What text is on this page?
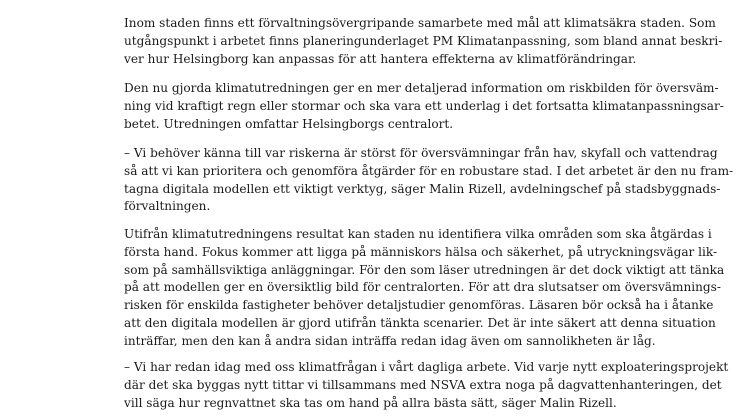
Inom staden finns ett förvaltningsövergripande samarbete med mål att klimatsäkra staden. Som
utgångspunkt i arbetet finns planeringunderlaget PM Klimatanpassning, som bland annat beskri-
ver hur Helsingborg kan anpassas för att hantera effekterna av klimatförändringar.

Den nu gjorda klimatutredningen ger en mer detaljerad information om riskbilden för översväm-
ning vid kraftigt regn eller stormar och ska vara ett underlag i det fortsatta klimatanpassningsar-
betet. Utredningen omfattar Helsingborgs centralort.

– Vi behöver känna till var riskerna är störst för översvämningar från hav, skyfall och vattendrag
så att vi kan prioritera och genomföra åtgärder för en robustare stad. I det arbetet är den nu fram-
tagna digitala modellen ett viktigt verktyg, säger Malin Rizell, avdelningschef på stadsbyggnads-
förvaltningen.

Utifrån klimatutredningens resultat kan staden nu identifiera vilka områden som ska åtgärdas i
första hand. Fokus kommer att ligga på människors hälsa och säkerhet, på utryckningsvägar lik-
som på samhällsviktiga anläggningar. För den som läser utredningen är det dock viktigt att tänka
på att modellen ger en översiktlig bild för centralorten. För att dra slutsatser om översvämnings-
risken för enskilda fastigheter behöver detaljstudier genomföras. Läsaren bör också ha i åtanke
att den digitala modellen är gjord utifrån tänkta scenarier. Det är inte säkert att denna situation
inträffar, men den kan å andra sidan inträffa redan idag även om sannolikheten är låg.

– Vi har redan idag med oss klimatfrågan i vårt dagliga arbete. Vid varje nytt exploateringsprojekt
där det ska byggas nytt tittar vi tillsammans med NSVA extra noga på dagvattenhanteringen, det
vill säga hur regnvattnet ska tas om hand på allra bästa sätt, säger Malin Rizell.
